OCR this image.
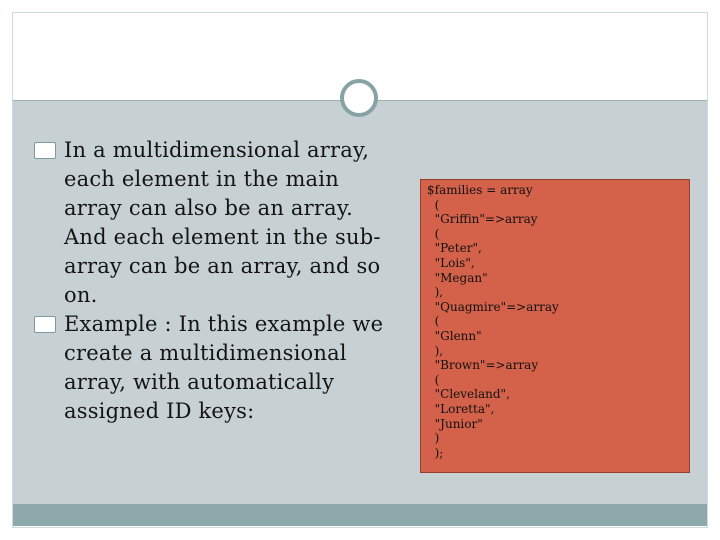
In a multidimensional array, each element in the main array can also be an array. And each element in the sub-array can be an array, and so on.
Example : In this example we create a multidimensional array, with automatically assigned ID keys:
$families = array
(
"Griffin"=>array
(
"Peter",
"Lois",
"Megan"
),
"Quagmire"=>array
(
"Glenn"
),
"Brown"=>array
(
"Cleveland",
"Loretta",
"Junior"
)
);
